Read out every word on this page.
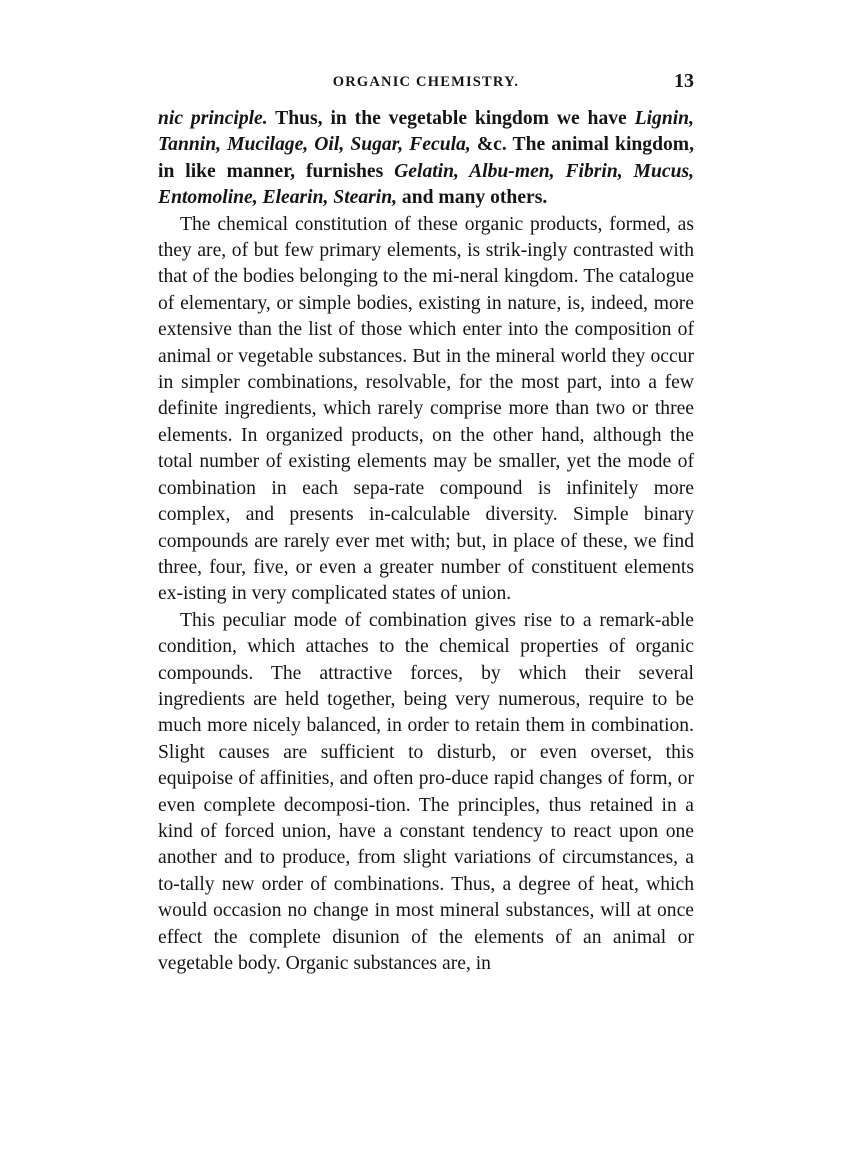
ORGANIC CHEMISTRY.	13

nic principle. Thus, in the vegetable kingdom we have Lignin, Tannin, Mucilage, Oil, Sugar, Fecula, &c. The animal kingdom, in like manner, furnishes Gelatin, Albu-men, Fibrin, Mucus, Entomoline, Elearin, Stearin, and many others.

The chemical constitution of these organic products, formed, as they are, of but few primary elements, is strik-ingly contrasted with that of the bodies belonging to the mi-neral kingdom. The catalogue of elementary, or simple bodies, existing in nature, is, indeed, more extensive than the list of those which enter into the composition of animal or vegetable substances. But in the mineral world they occur in simpler combinations, resolvable, for the most part, into a few definite ingredients, which rarely comprise more than two or three elements. In organized products, on the other hand, although the total number of existing elements may be smaller, yet the mode of combination in each sepa-rate compound is infinitely more complex, and presents in-calculable diversity. Simple binary compounds are rarely ever met with; but, in place of these, we find three, four, five, or even a greater number of constituent elements ex-isting in very complicated states of union.

This peculiar mode of combination gives rise to a remark-able condition, which attaches to the chemical properties of organic compounds. The attractive forces, by which their several ingredients are held together, being very numerous, require to be much more nicely balanced, in order to retain them in combination. Slight causes are sufficient to disturb, or even overset, this equipoise of affinities, and often pro-duce rapid changes of form, or even complete decomposi-tion. The principles, thus retained in a kind of forced union, have a constant tendency to react upon one another and to produce, from slight variations of circumstances, a to-tally new order of combinations. Thus, a degree of heat, which would occasion no change in most mineral substances, will at once effect the complete disunion of the elements of an animal or vegetable body. Organic substances are, in
